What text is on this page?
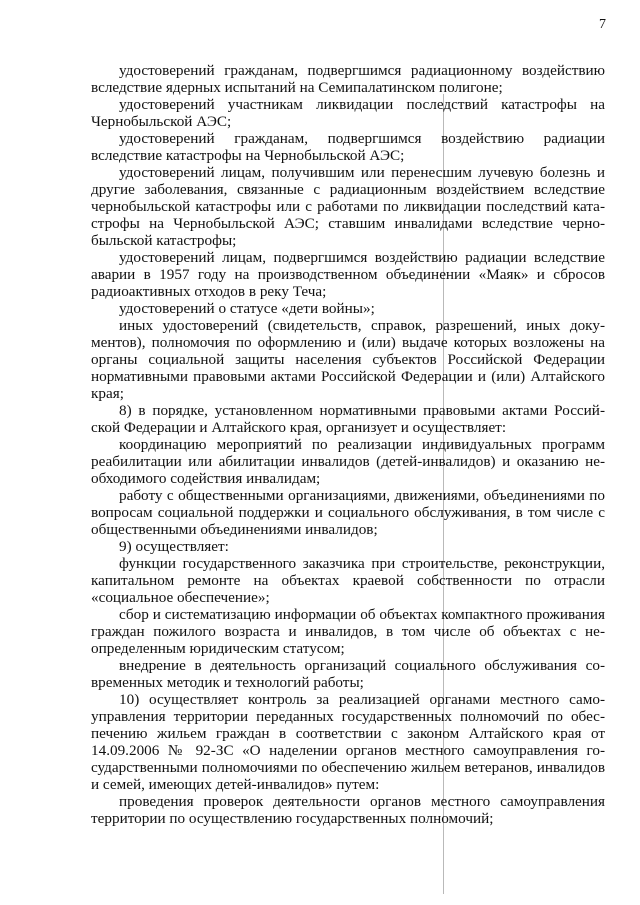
7

удостоверений гражданам, подвергшимся радиационному воздействию вследствие ядерных испытаний на Семипалатинском полигоне;

удостоверений участникам ликвидации последствий катастрофы на Чернобыльской АЭС;

удостоверений гражданам, подвергшимся воздействию радиации вследствие катастрофы на Чернобыльской АЭС;

удостоверений лицам, получившим или перенесшим лучевую болезнь и другие заболевания, связанные с радиационным воздействием вследствие чернобыльской катастрофы или с работами по ликвидации последствий катастрофы на Чернобыльской АЭС; ставшим инвалидами вследствие чернобыльской катастрофы;

удостоверений лицам, подвергшимся воздействию радиации вследствие аварии в 1957 году на производственном объединении «Маяк» и сбросов радиоактивных отходов в реку Теча;

удостоверений о статусе «дети войны»;

иных удостоверений (свидетельств, справок, разрешений, иных документов), полномочия по оформлению и (или) выдаче которых возложены на органы социальной защиты населения субъектов Российской Федерации нормативными правовыми актами Российской Федерации и (или) Алтайского края;

8) в порядке, установленном нормативными правовыми актами Российской Федерации и Алтайского края, организует и осуществляет:

координацию мероприятий по реализации индивидуальных программ реабилитации или абилитации инвалидов (детей-инвалидов) и оказанию необходимого содействия инвалидам;

работу с общественными организациями, движениями, объединениями по вопросам социальной поддержки и социального обслуживания, в том числе с общественными объединениями инвалидов;

9) осуществляет:

функции государственного заказчика при строительстве, реконструкции, капитальном ремонте на объектах краевой собственности по отрасли «социальное обеспечение»;

сбор и систематизацию информации об объектах компактного проживания граждан пожилого возраста и инвалидов, в том числе об объектах с неопределенным юридическим статусом;

внедрение в деятельность организаций социального обслуживания современных методик и технологий работы;

10) осуществляет контроль за реализацией органами местного самоуправления территории переданных государственных полномочий по обеспечению жильем граждан в соответствии с законом Алтайского края от 14.09.2006 № 92-ЗС «О наделении органов местного самоуправления государственными полномочиями по обеспечению жильем ветеранов, инвалидов и семей, имеющих детей-инвалидов» путем:

проведения проверок деятельности органов местного самоуправления территории по осуществлению государственных полномочий;
